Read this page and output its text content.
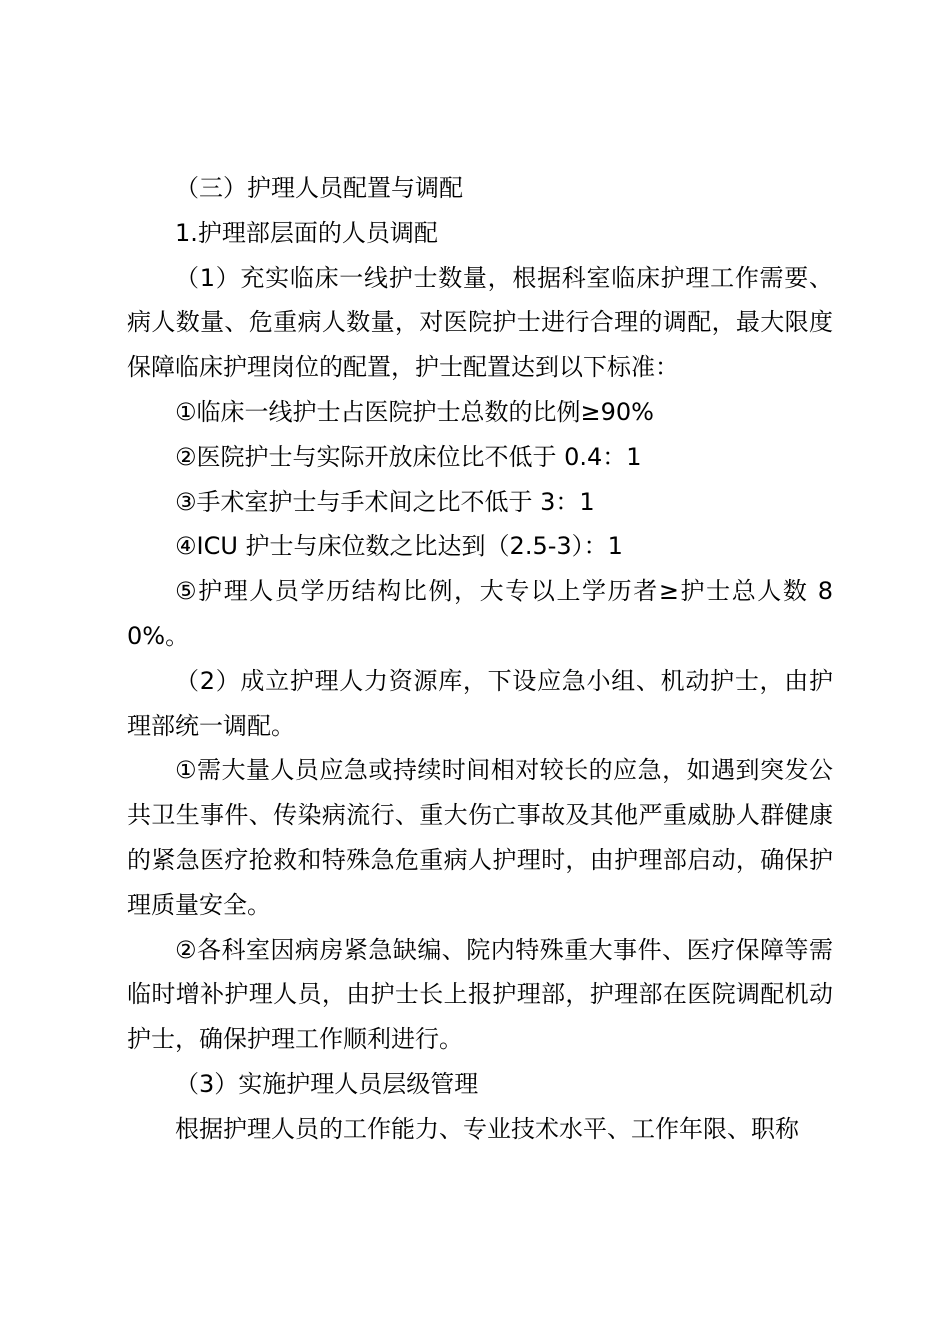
（三）护理人员配置与调配

1.护理部层面的人员调配

（1）充实临床一线护士数量，根据科室临床护理工作需要、病人数量、危重病人数量，对医院护士进行合理的调配，最大限度保障临床护理岗位的配置，护士配置达到以下标准：

①临床一线护士占医院护士总数的比例≥90%

②医院护士与实际开放床位比不低于 0.4：1

③手术室护士与手术间之比不低于 3：1

④ICU 护士与床位数之比达到（2.5-3）：1

⑤护理人员学历结构比例，大专以上学历者≥护士总人数 80%。

（2）成立护理人力资源库，下设应急小组、机动护士，由护理部统一调配。

①需大量人员应急或持续时间相对较长的应急，如遇到突发公共卫生事件、传染病流行、重大伤亡事故及其他严重威胁人群健康的紧急医疗抢救和特殊急危重病人护理时，由护理部启动，确保护理质量安全。

②各科室因病房紧急缺编、院内特殊重大事件、医疗保障等需临时增补护理人员，由护士长上报护理部，护理部在医院调配机动护士，确保护理工作顺利进行。

（3）实施护理人员层级管理

根据护理人员的工作能力、专业技术水平、工作年限、职称
